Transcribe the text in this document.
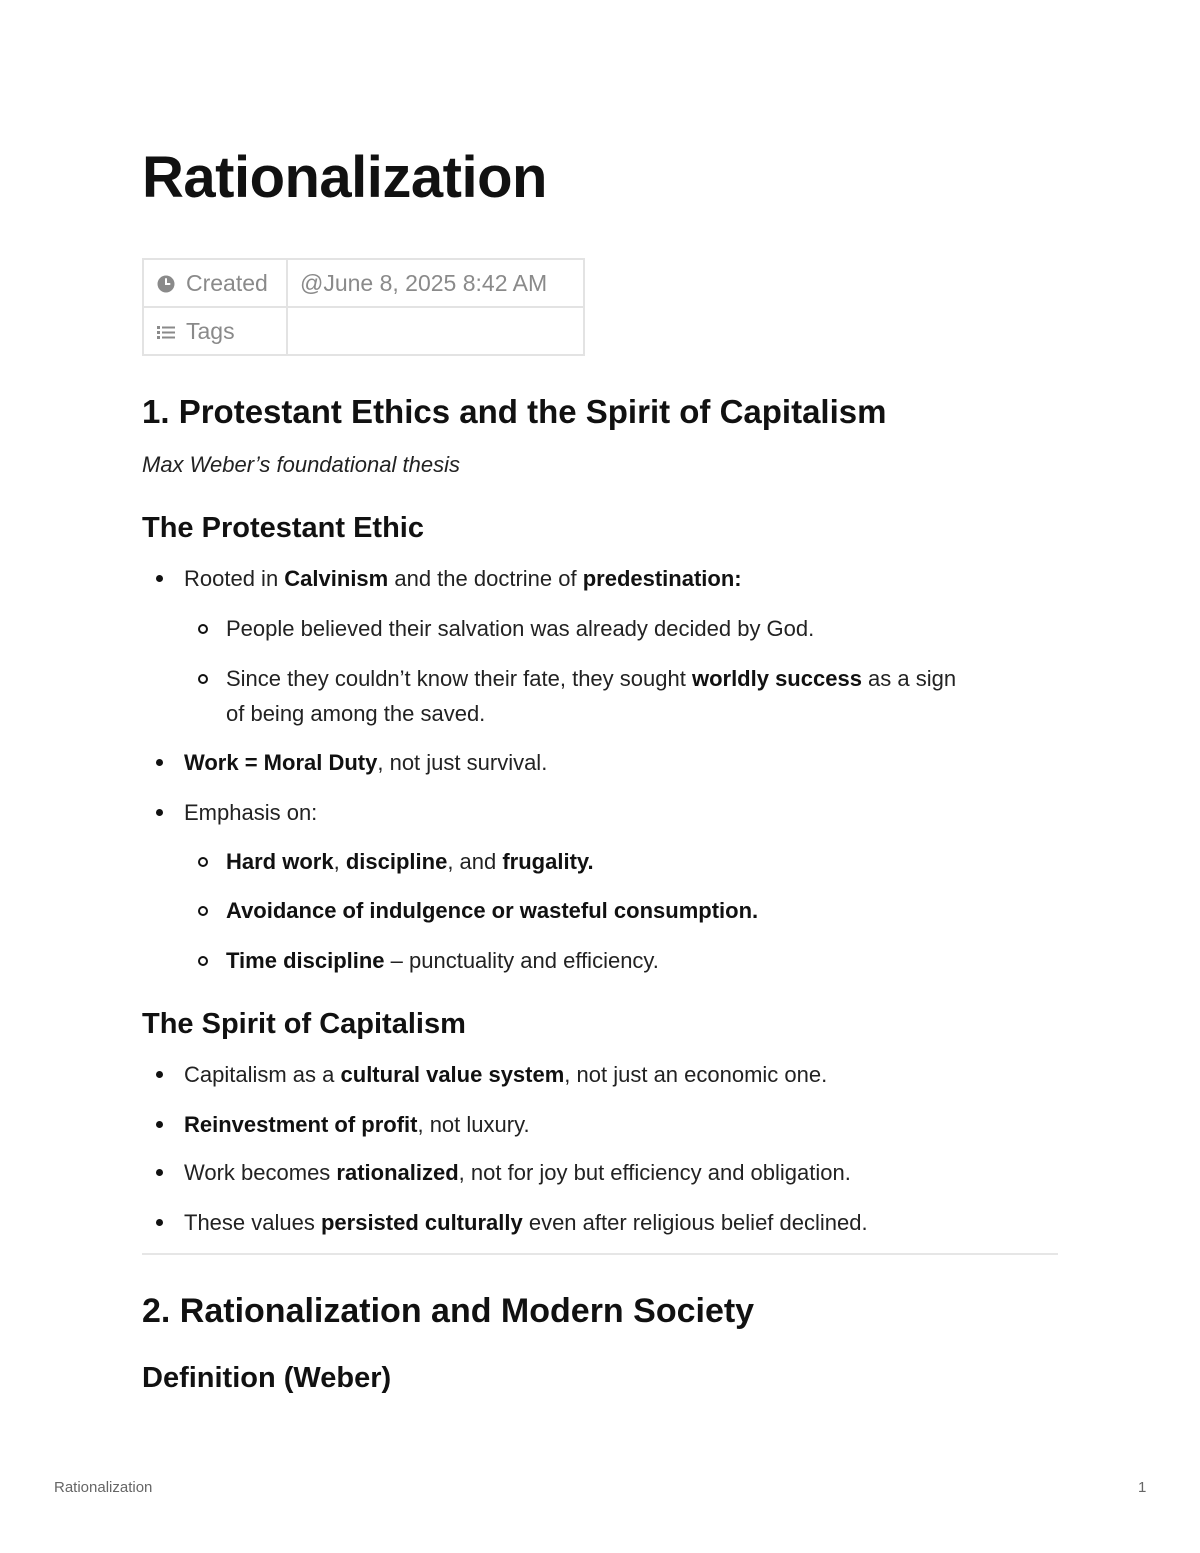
Rationalization
Created	@June 8, 2025 8:42 AM

Tags	
1. Protestant Ethics and the Spirit of Capitalism

Max Weber’s foundational thesis

The Protestant Ethic
Rooted in Calvinism and the doctrine of predestination:
People believed their salvation was already decided by God.
Since they couldn’t know their fate, they sought worldly success as a sign
of being among the saved.
Work = Moral Duty, not just survival.
Emphasis on:
Hard work, discipline, and frugality.
Avoidance of indulgence or wasteful consumption.
Time discipline – punctuality and efficiency.
The Spirit of Capitalism
Capitalism as a cultural value system, not just an economic one.
Reinvestment of profit, not luxury.
Work becomes rationalized, not for joy but efficiency and obligation.
These values persisted culturally even after religious belief declined.
2. Rationalization and Modern Society
Definition (Weber)
Rationalization	1
